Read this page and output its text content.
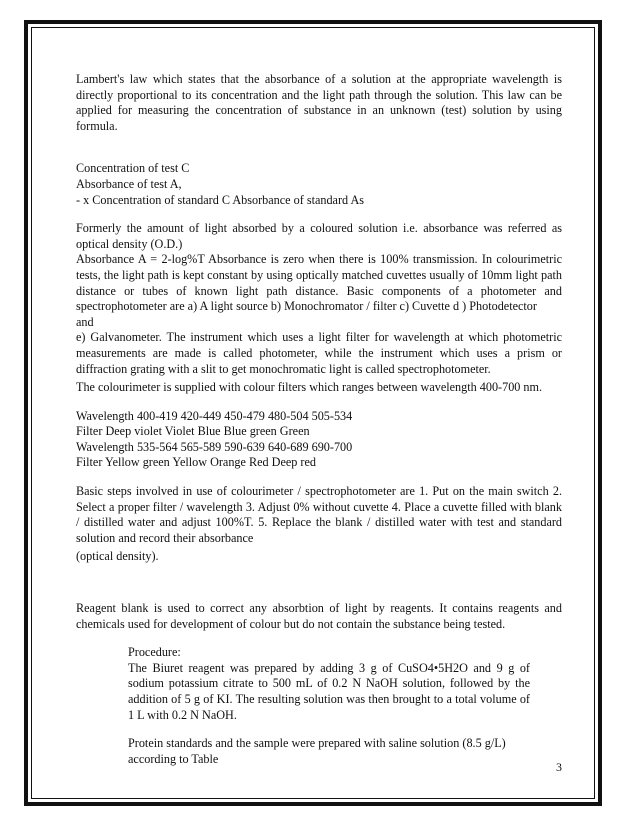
Lambert's law which states that the absorbance of a solution at the appropriate wavelength is directly proportional to its concentration and the light path through the solution. This law can be applied for measuring the concentration of substance in an unknown (test) solution by using formula.

Concentration of test C

Absorbance of test A,

- x Concentration of standard C Absorbance of standard As

Formerly the amount of light absorbed by a coloured solution i.e. absorbance was referred as optical density (O.D.)

Absorbance A = 2-log%T Absorbance is zero when there is 100% transmission. In colourimetric tests, the light path is kept constant by using optically matched cuvettes usually of 10mm light path distance or tubes of known light path distance. Basic components of a photometer and spectrophotometer are a) A light source b) Monochromator / filter c) Cuvette d ) Photodetector

and

e) Galvanometer. The instrument which uses a light filter for wavelength at which photometric measurements are made is called photometer, while the instrument which uses a prism or diffraction grating with a slit to get monochromatic light is called spectrophotometer.

The colourimeter is supplied with colour filters which ranges between wavelength 400-700 nm.

Wavelength 400-419 420-449 450-479 480-504 505-534

Filter Deep violet Violet Blue Blue green Green

Wavelength 535-564 565-589 590-639 640-689 690-700

Filter Yellow green Yellow Orange Red Deep red

Basic steps involved in use of colourimeter / spectrophotometer are 1. Put on the main switch 2. Select a proper filter / wavelength 3. Adjust 0% without cuvette 4. Place a cuvette filled with blank / distilled water and adjust 100%T. 5. Replace the blank / distilled water with test and standard solution and record their absorbance

(optical density).

Reagent blank is used to correct any absorbtion of light by reagents. It contains reagents and chemicals used for development of colour but do not contain the substance being tested.

Procedure:

The Biuret reagent was prepared by adding 3 g of CuSO4•5H2O and 9 g of sodium potassium citrate to 500 mL of 0.2 N NaOH solution, followed by the addition of 5 g of KI. The resulting solution was then brought to a total volume of 1 L with 0.2 N NaOH.

Protein standards and the sample were prepared with saline solution (8.5 g/L) according to Table

3
